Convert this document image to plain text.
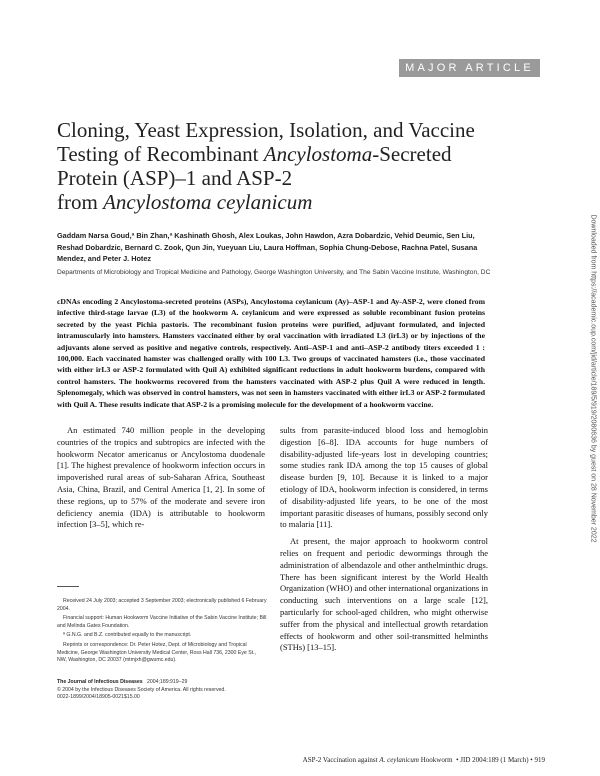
MAJOR ARTICLE
Cloning, Yeast Expression, Isolation, and Vaccine
Testing of Recombinant Ancylostoma-Secreted
Protein (ASP)–1 and ASP-2
from Ancylostoma ceylanicum
Gaddam Narsa Goud,ª Bin Zhan,ª Kashinath Ghosh, Alex Loukas, John Hawdon, Azra Dobardzic, Vehid Deumic, Sen Liu, Reshad Dobardzic, Bernard C. Zook, Qun Jin, Yueyuan Liu, Laura Hoffman, Sophia Chung-Debose, Rachna Patel, Susana Mendez, and Peter J. Hotez
Departments of Microbiology and Tropical Medicine and Pathology, George Washington University, and The Sabin Vaccine Institute, Washington, DC
cDNAs encoding 2 Ancylostoma-secreted proteins (ASPs), Ancylostoma ceylanicum (Ay)–ASP-1 and Ay-ASP-2, were cloned from infective third-stage larvae (L3) of the hookworm A. ceylanicum and were expressed as soluble recombinant fusion proteins secreted by the yeast Pichia pastoris. The recombinant fusion proteins were purified, adjuvant formulated, and injected intramuscularly into hamsters. Hamsters vaccinated either by oral vaccination with irradiated L3 (irL3) or by injections of the adjuvants alone served as positive and negative controls, respectively. Anti–ASP-1 and anti–ASP-2 antibody titers exceeded 1 : 100,000. Each vaccinated hamster was challenged orally with 100 L3. Two groups of vaccinated hamsters (i.e., those vaccinated with either irL3 or ASP-2 formulated with Quil A) exhibited significant reductions in adult hookworm burdens, compared with control hamsters. The hookworms recovered from the hamsters vaccinated with ASP-2 plus Quil A were reduced in length. Splenomegaly, which was observed in control hamsters, was not seen in hamsters vaccinated with either irL3 or ASP-2 formulated with Quil A. These results indicate that ASP-2 is a promising molecule for the development of a hookworm vaccine.

An estimated 740 million people in the developing countries of the tropics and subtropics are infected with the hookworm Necator americanus or Ancylostoma duodenale [1]. The highest prevalence of hookworm infection occurs in impoverished rural areas of sub-Saharan Africa, Southeast Asia, China, Brazil, and Central America [1, 2]. In some of these regions, up to 57% of the moderate and severe iron deficiency anemia (IDA) is attributable to hookworm infection [3–5], which re-

sults from parasite-induced blood loss and hemoglobin digestion [6–8]. IDA accounts for huge numbers of disability-adjusted life-years lost in developing countries; some studies rank IDA among the top 15 causes of global disease burden [9, 10]. Because it is linked to a major etiology of IDA, hookworm infection is considered, in terms of disability-adjusted life years, to be one of the most important parasitic diseases of humans, possibly second only to malaria [11].

At present, the major approach to hookworm control relies on frequent and periodic dewormings through the administration of albendazole and other anthelminthic drugs. There has been significant interest by the World Health Organization (WHO) and other international organizations in conducting such interventions on a large scale [12], particularly for school-aged children, who might otherwise suffer from the physical and intellectual growth retardation effects of hookworm and other soil-transmitted helminths (STHs) [13–15].

Received 24 July 2003; accepted 3 September 2003; electronically published 6 February 2004.

Financial support: Human Hookworm Vaccine Initiative of the Sabin Vaccine Institute; Bill and Melinda Gates Foundation.

ª G.N.G. and B.Z. contributed equally to the manuscript.

Reprints or correspondence: Dr. Peter Hotez, Dept. of Microbiology and Tropical Medicine, George Washington University Medical Center, Ross Hall 736, 2300 Eye St., NW, Washington, DC 20037 (mtmjxh@gwumc.edu).

The Journal of Infectious Diseases 2004;189:919–29
© 2004 by the Infectious Diseases Society of America. All rights reserved.
0022-1899/2004/18905-0021$15.00
ASP-2 Vaccination against A. ceylanicum Hookworm • JID 2004:189 (1 March) • 919
Downloaded from https://academic.oup.com/jid/article/189/5/919/2080636 by guest on 28 November 2022
